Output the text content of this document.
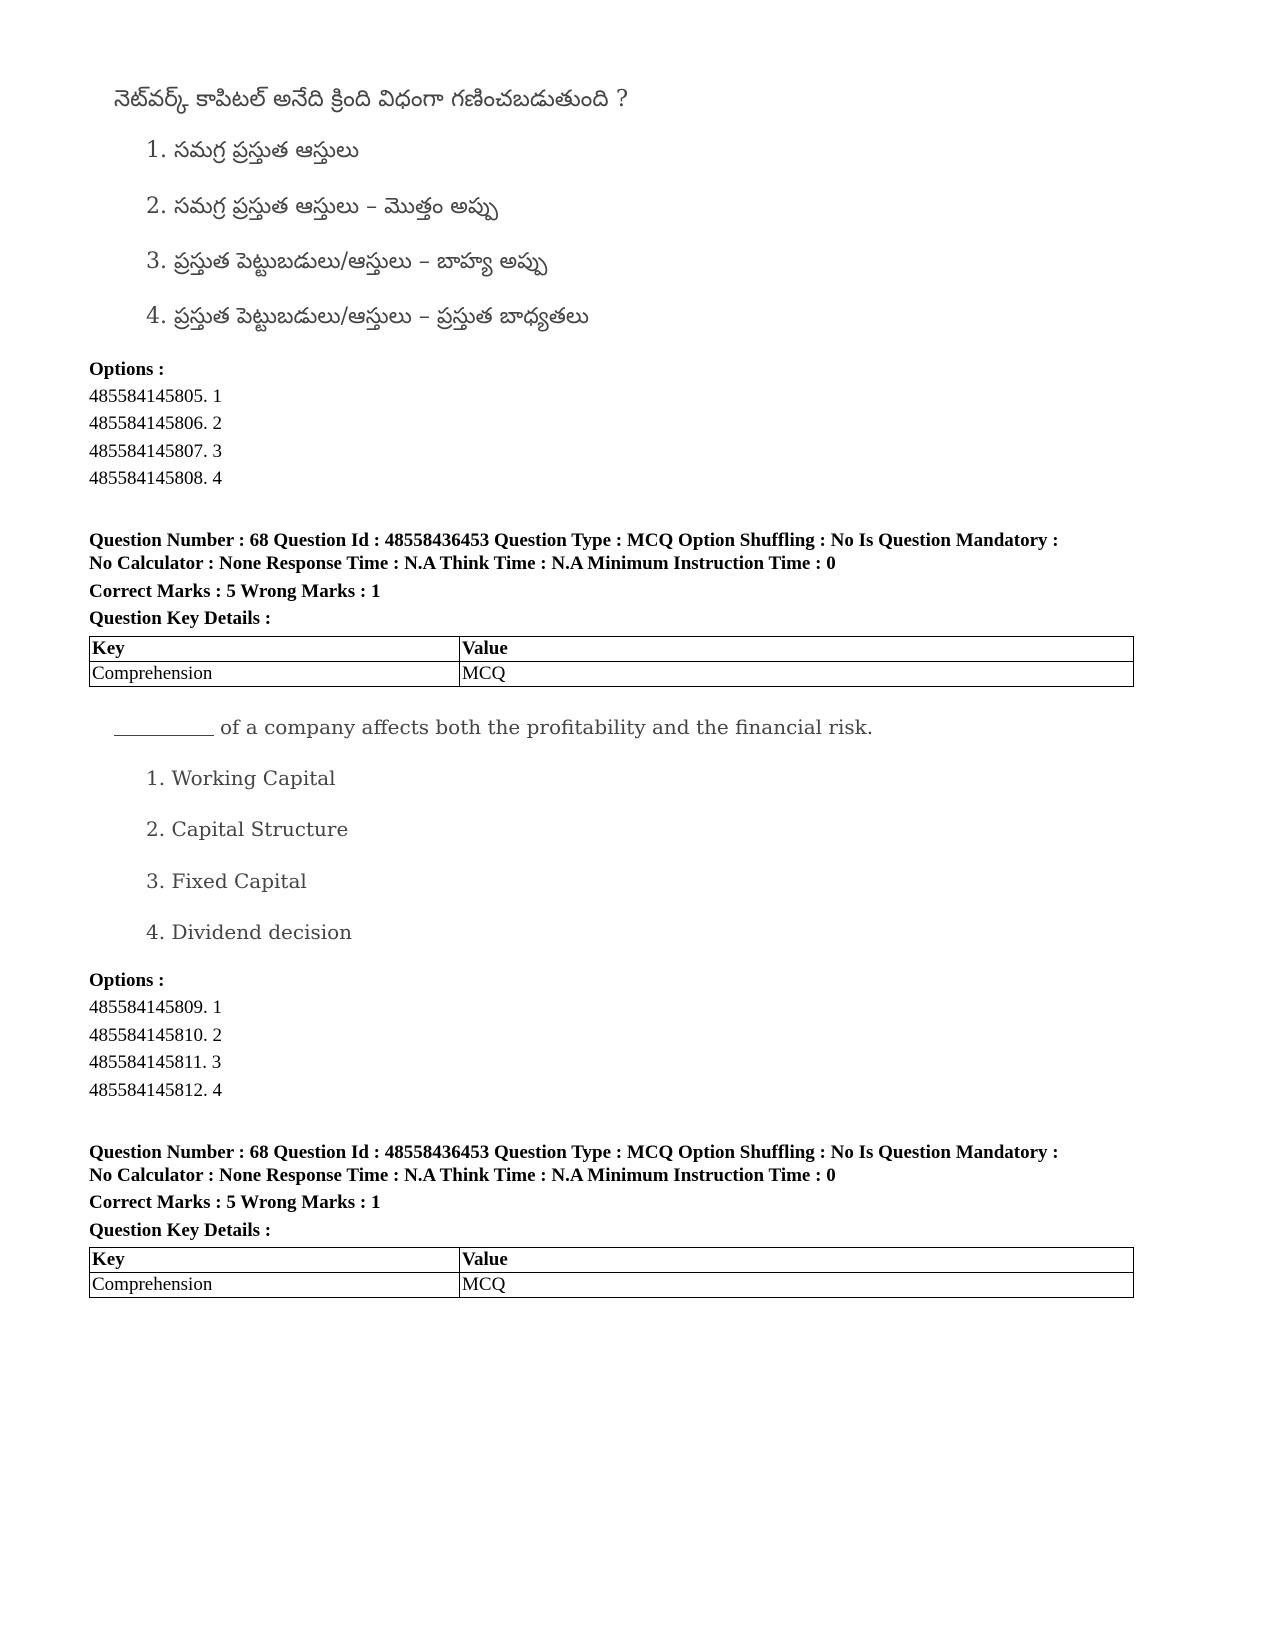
నెట్‌వర్క్ కాపిటల్ అనేది క్రింది విధంగా గణించబడుతుంది ?
1. సమగ్ర ప్రస్తుత ఆస్తులు
2. సమగ్ర ప్రస్తుత ఆస్తులు – మొత్తం అప్పు
3. ప్రస్తుత పెట్టుబడులు/ఆస్తులు – బాహ్య అప్పు
4. ప్రస్తుత పెట్టుబడులు/ఆస్తులు – ప్రస్తుత బాధ్యతలు
Options :
485584145805. 1
485584145806. 2
485584145807. 3
485584145808. 4
Question Number : 68 Question Id : 48558436453 Question Type : MCQ Option Shuffling : No Is Question Mandatory :
No Calculator : None Response Time : N.A Think Time : N.A Minimum Instruction Time : 0
Correct Marks : 5 Wrong Marks : 1
Question Key Details :
Key	Value
Comprehension	MCQ
of a company affects both the profitability and the financial risk.
1. Working Capital
2. Capital Structure
3. Fixed Capital
4. Dividend decision
Options :
485584145809. 1
485584145810. 2
485584145811. 3
485584145812. 4
Question Number : 68 Question Id : 48558436453 Question Type : MCQ Option Shuffling : No Is Question Mandatory :
No Calculator : None Response Time : N.A Think Time : N.A Minimum Instruction Time : 0
Correct Marks : 5 Wrong Marks : 1
Question Key Details :
Key	Value
Comprehension	MCQ
